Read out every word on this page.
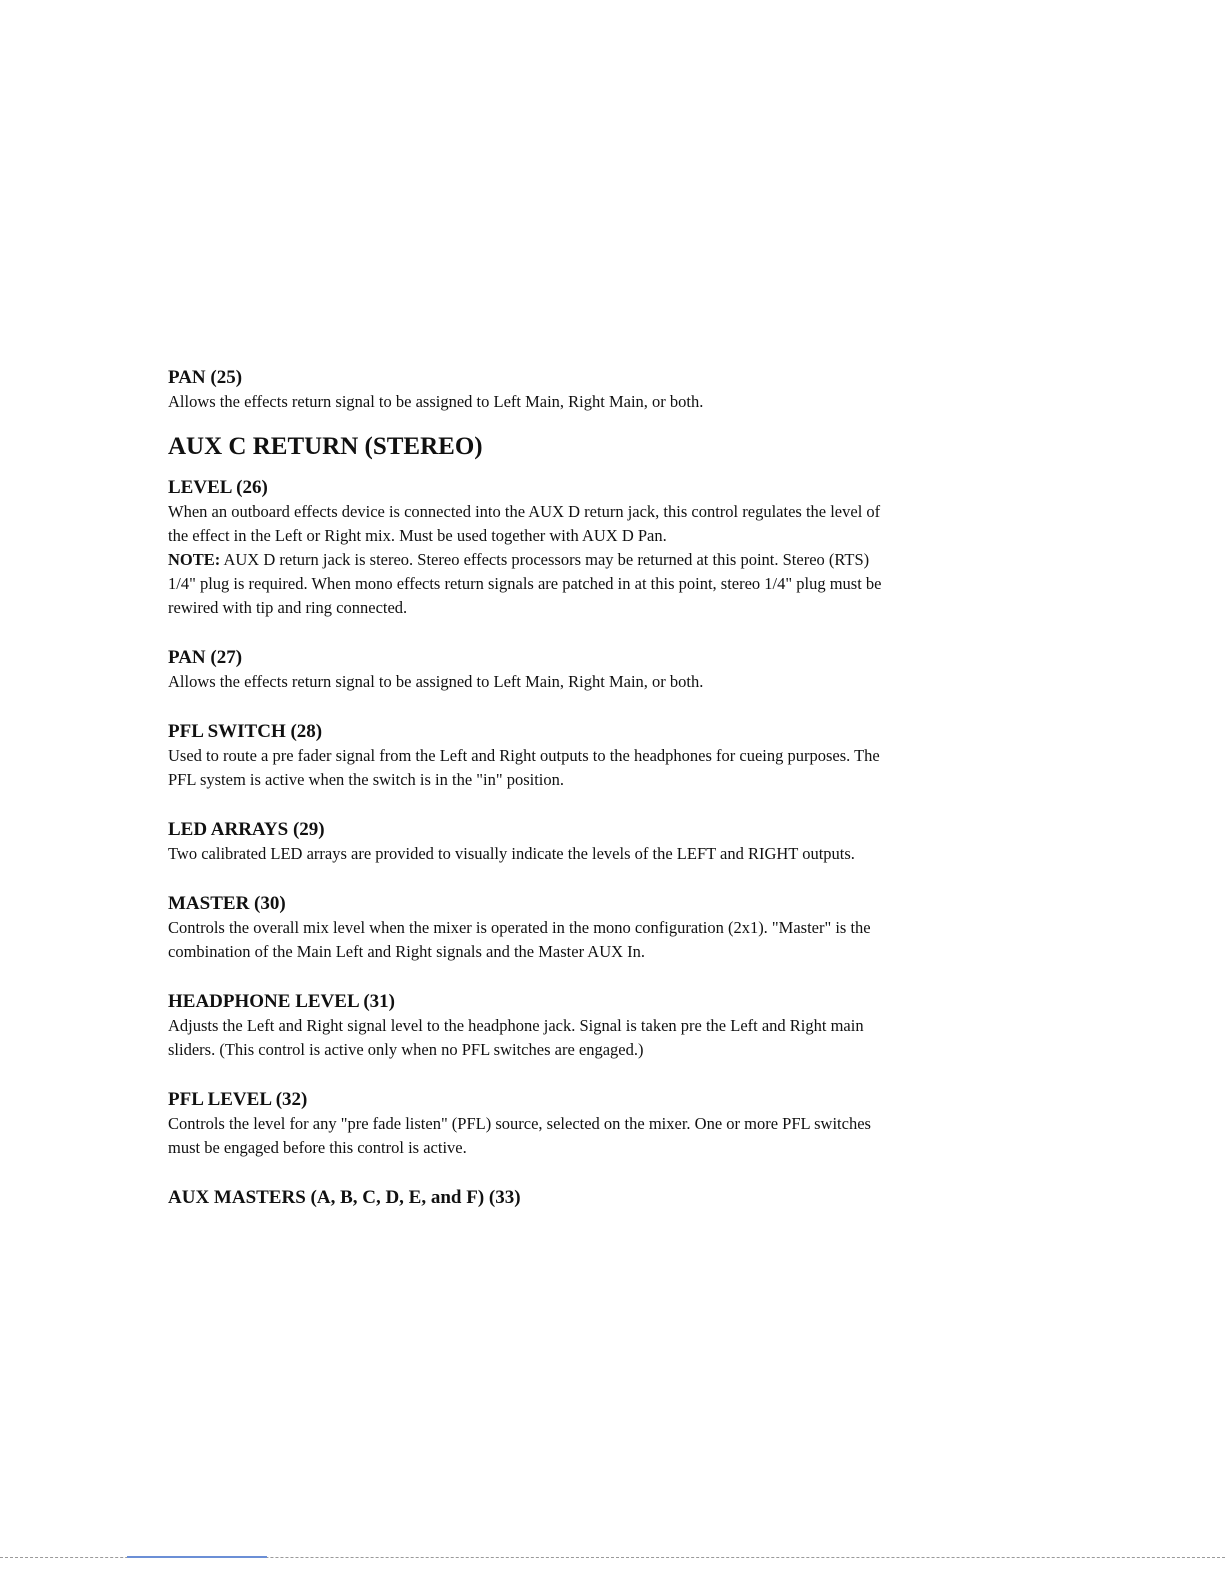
PAN (25)

Allows the effects return signal to be assigned to Left Main, Right Main, or both.

AUX C RETURN (STEREO)

LEVEL (26)

When an outboard effects device is connected into the AUX D return jack, this control regulates the level of

the effect in the Left or Right mix. Must be used together with AUX D Pan.

NOTE: AUX D return jack is stereo. Stereo effects processors may be returned at this point. Stereo (RTS)

1/4" plug is required. When mono effects return signals are patched in at this point, stereo 1/4" plug must be

rewired with tip and ring connected.

PAN (27)

Allows the effects return signal to be assigned to Left Main, Right Main, or both.

PFL SWITCH (28)

Used to route a pre fader signal from the Left and Right outputs to the headphones for cueing purposes. The

PFL system is active when the switch is in the "in" position.

LED ARRAYS (29)

Two calibrated LED arrays are provided to visually indicate the levels of the LEFT and RIGHT outputs.

MASTER (30)

Controls the overall mix level when the mixer is operated in the mono configuration (2x1). "Master" is the

combination of the Main Left and Right signals and the Master AUX In.

HEADPHONE LEVEL (31)

Adjusts the Left and Right signal level to the headphone jack. Signal is taken pre the Left and Right main

sliders. (This control is active only when no PFL switches are engaged.)

PFL LEVEL (32)

Controls the level for any "pre fade listen" (PFL) source, selected on the mixer. One or more PFL switches

must be engaged before this control is active.

AUX MASTERS (A, B, C, D, E, and F) (33)
